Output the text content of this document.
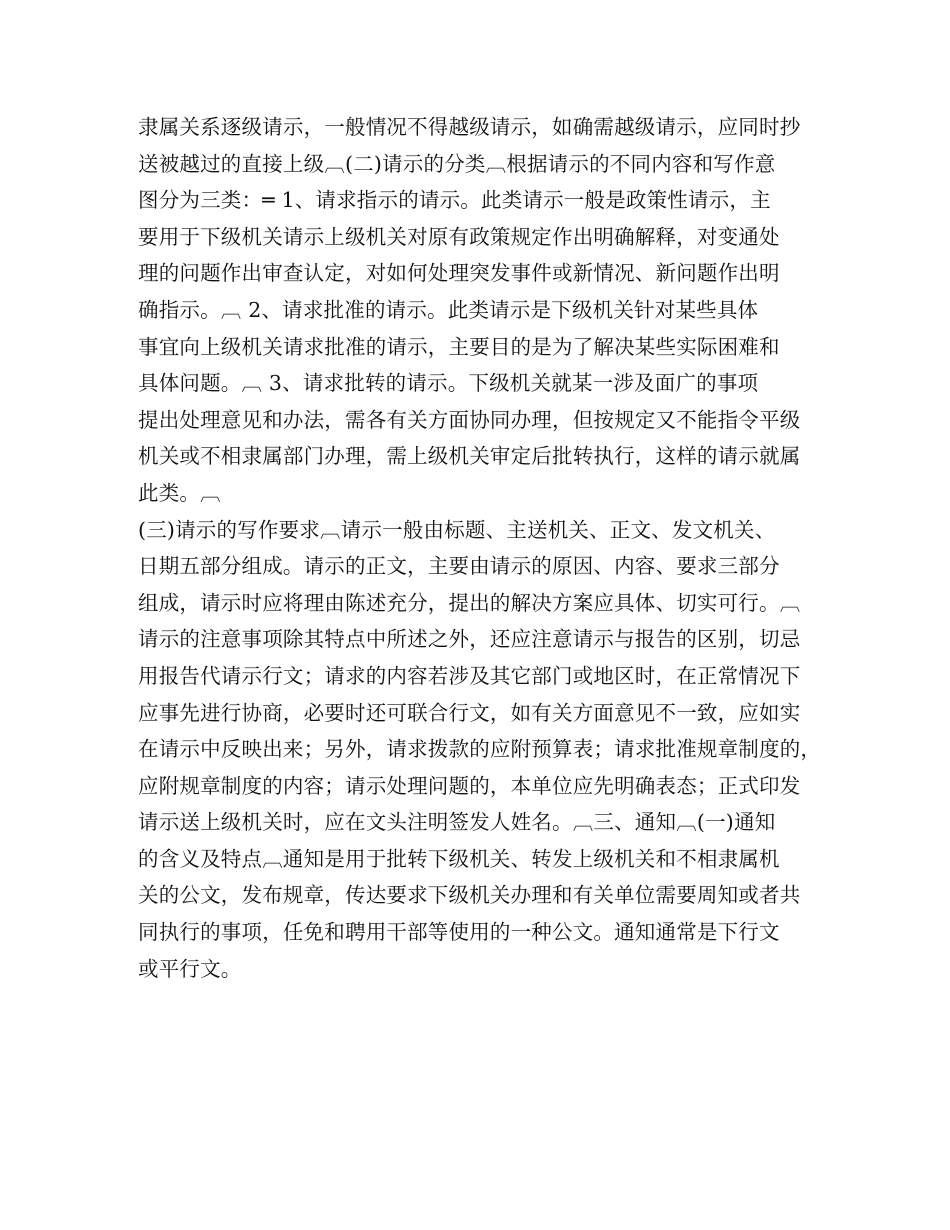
隶属关系逐级请示，一般情况不得越级请示，如确需越级请示，应同时抄
送被越过的直接上级︹(二)请示的分类︹根据请示的不同内容和写作意
图分为三类：═ 1、请求指示的请示。此类请示一般是政策性请示，主
要用于下级机关请示上级机关对原有政策规定作出明确解释，对变通处
理的问题作出审查认定，对如何处理突发事件或新情况、新问题作出明
确指示。︹ 2、请求批准的请示。此类请示是下级机关针对某些具体
事宜向上级机关请求批准的请示，主要目的是为了解决某些实际困难和
具体问题。︹ 3、请求批转的请示。下级机关就某一涉及面广的事项
提出处理意见和办法，需各有关方面协同办理，但按规定又不能指令平级
机关或不相隶属部门办理，需上级机关审定后批转执行，这样的请示就属
此类。︹
(三)请示的写作要求︹请示一般由标题、主送机关、正文、发文机关、
日期五部分组成。请示的正文，主要由请示的原因、内容、要求三部分
组成，请示时应将理由陈述充分，提出的解决方案应具体、切实可行。︹
请示的注意事项除其特点中所述之外，还应注意请示与报告的区别，切忌
用报告代请示行文；请求的内容若涉及其它部门或地区时，在正常情况下
应事先进行协商，必要时还可联合行文，如有关方面意见不一致，应如实
在请示中反映出来；另外，请求拨款的应附预算表；请求批准规章制度的，
应附规章制度的内容；请示处理问题的，本单位应先明确表态；正式印发
请示送上级机关时，应在文头注明签发人姓名。︹三、通知︹(一)通知
的含义及特点︹通知是用于批转下级机关、转发上级机关和不相隶属机
关的公文，发布规章，传达要求下级机关办理和有关单位需要周知或者共
同执行的事项，任免和聘用干部等使用的一种公文。通知通常是下行文
或平行文。
